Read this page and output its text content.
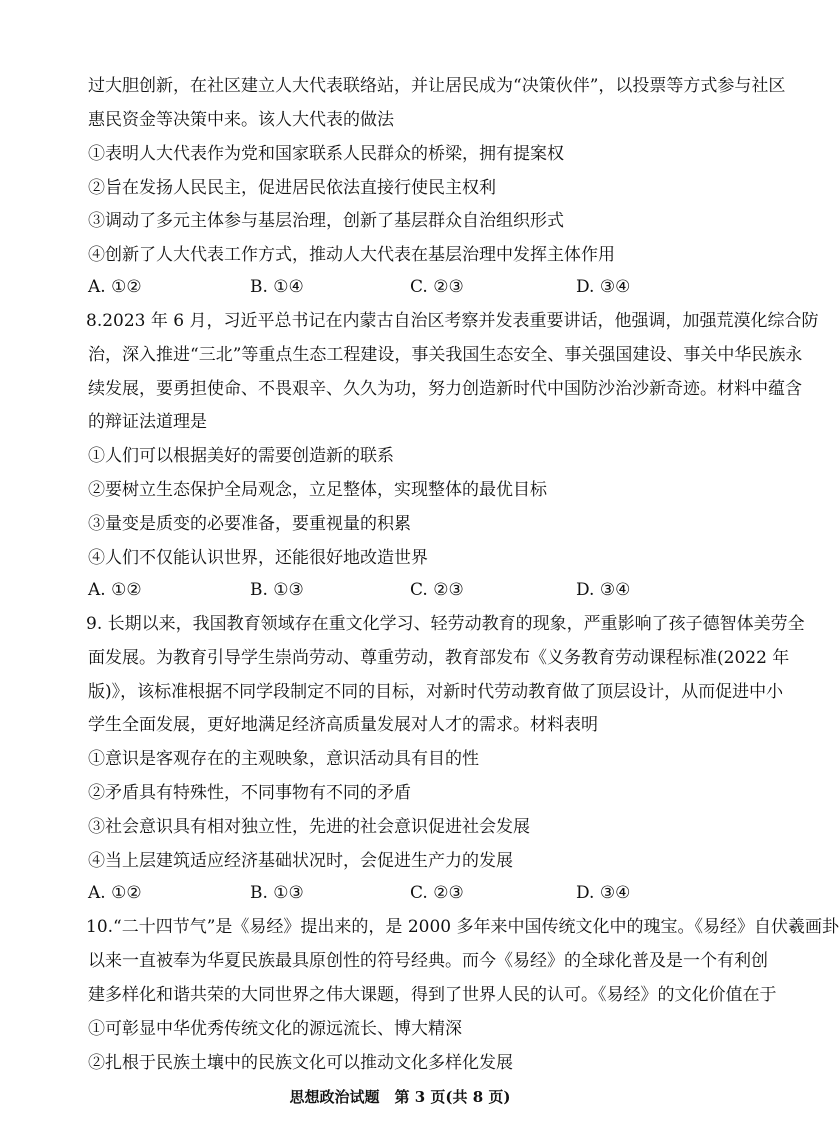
过大胆创新，在社区建立人大代表联络站，并让居民成为“决策伙伴”，以投票等方式参与社区
惠民资金等决策中来。该人大代表的做法
①表明人大代表作为党和国家联系人民群众的桥梁，拥有提案权
②旨在发扬人民民主，促进居民依法直接行使民主权利
③调动了多元主体参与基层治理，创新了基层群众自治组织形式
④创新了人大代表工作方式，推动人大代表在基层治理中发挥主体作用
A. ①②	B. ①④	C. ②③	D. ③④
8.2023 年 6 月，习近平总书记在内蒙古自治区考察并发表重要讲话，他强调，加强荒漠化综合防
治，深入推进“三北”等重点生态工程建设，事关我国生态安全、事关强国建设、事关中华民族永
续发展，要勇担使命、不畏艰辛、久久为功，努力创造新时代中国防沙治沙新奇迹。材料中蕴含
的辩证法道理是
①人们可以根据美好的需要创造新的联系
②要树立生态保护全局观念，立足整体，实现整体的最优目标
③量变是质变的必要准备，要重视量的积累
④人们不仅能认识世界，还能很好地改造世界
A. ①②	B. ①③	C. ②③	D. ③④
9. 长期以来，我国教育领域存在重文化学习、轻劳动教育的现象，严重影响了孩子德智体美劳全
面发展。为教育引导学生崇尚劳动、尊重劳动，教育部发布《义务教育劳动课程标准(2022 年
版)》，该标准根据不同学段制定不同的目标，对新时代劳动教育做了顶层设计，从而促进中小
学生全面发展，更好地满足经济高质量发展对人才的需求。材料表明
①意识是客观存在的主观映象，意识活动具有目的性
②矛盾具有特殊性，不同事物有不同的矛盾
③社会意识具有相对独立性，先进的社会意识促进社会发展
④当上层建筑适应经济基础状况时，会促进生产力的发展
A. ①②	B. ①③	C. ②③	D. ③④
10.“二十四节气”是《易经》提出来的，是 2000 多年来中国传统文化中的瑰宝。《易经》自伏羲画卦
以来一直被奉为华夏民族最具原创性的符号经典。而今《易经》的全球化普及是一个有利创
建多样化和谐共荣的大同世界之伟大课题，得到了世界人民的认可。《易经》的文化价值在于
①可彰显中华优秀传统文化的源远流长、博大精深
②扎根于民族土壤中的民族文化可以推动文化多样化发展
思想政治试题　第 3 页(共 8 页)
